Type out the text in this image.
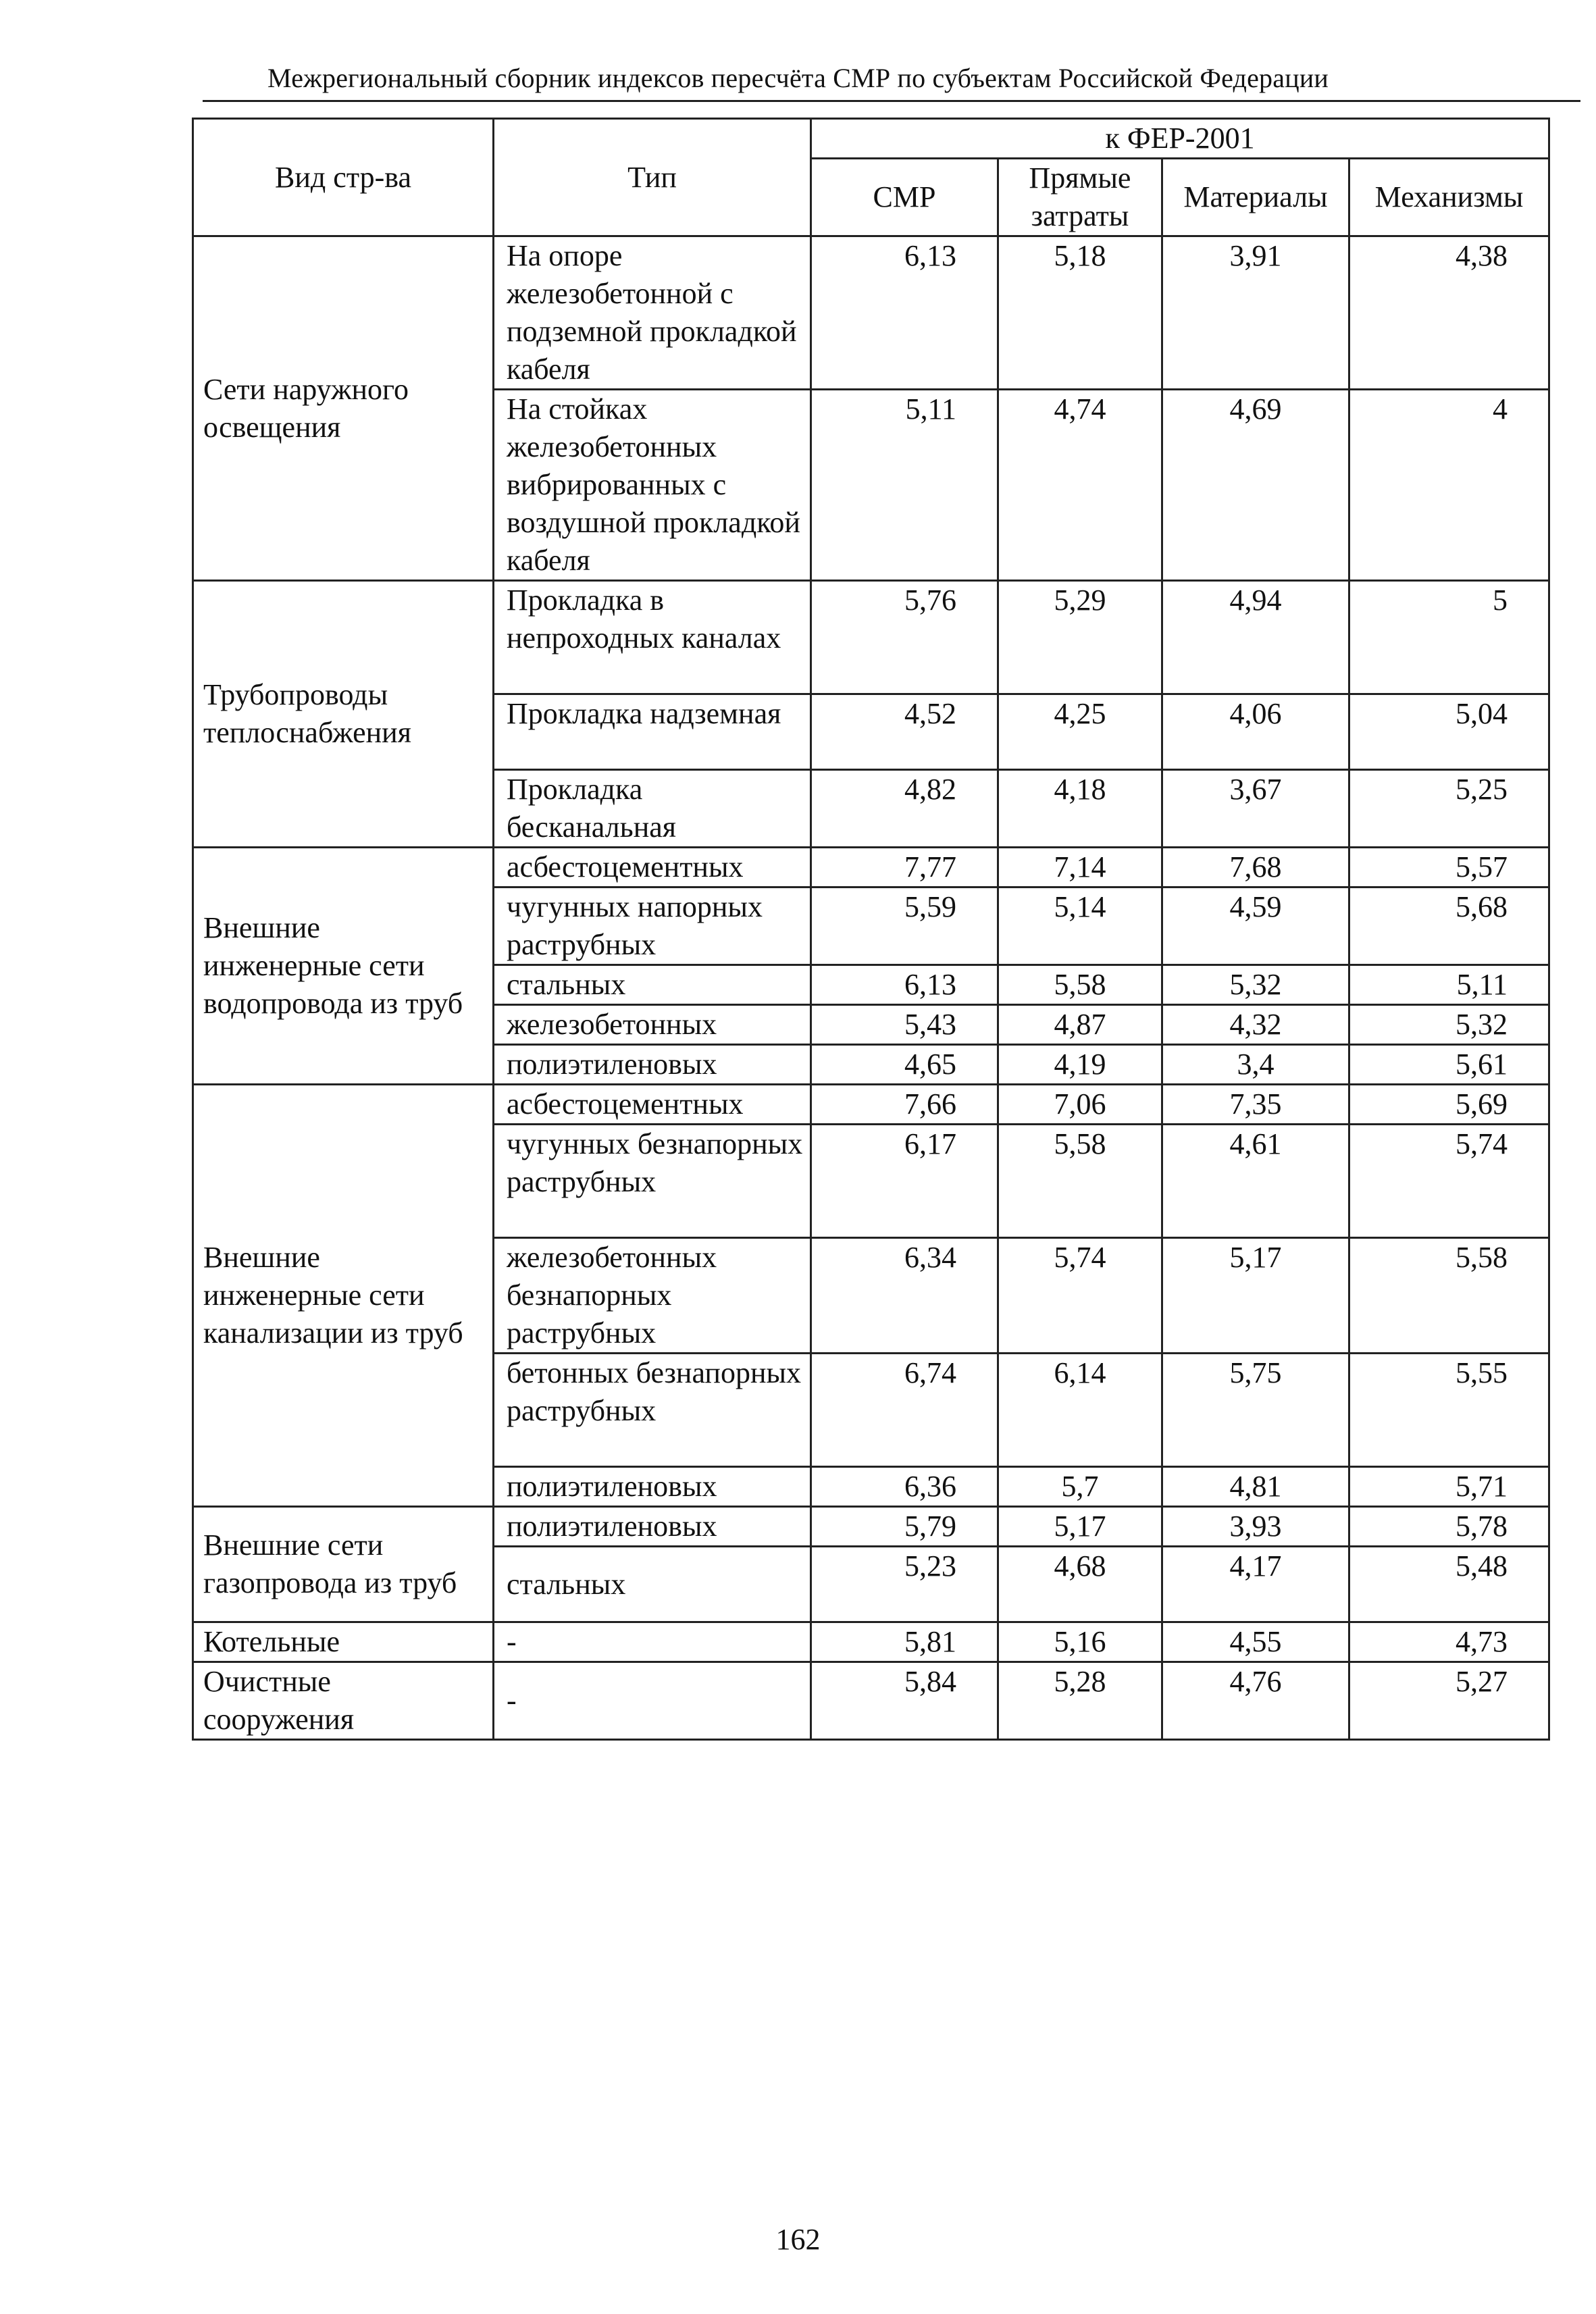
Межрегиональный сборник индексов пересчёта СМР по субъектам Российской Федерации
Вид стр-ва	Тип	к ФЕР-2001			
		СМР	Прямые затраты	Материалы	Механизмы
Сети наружного освещения	На опоре железобетонной с подземной прокладкой кабеля	6,13	5,18	3,91	4,38
	На стойках железобетонных вибрированных с воздушной прокладкой кабеля	5,11	4,74	4,69	4
Трубопроводы теплоснабжения	Прокладка в непроходных каналах	5,76	5,29	4,94	5
	Прокладка надземная	4,52	4,25	4,06	5,04
	Прокладка бесканальная	4,82	4,18	3,67	5,25
Внешние инженерные сети водопровода из труб	асбестоцементных	7,77	7,14	7,68	5,57
	чугунных напорных раструбных	5,59	5,14	4,59	5,68
	стальных	6,13	5,58	5,32	5,11
	железобетонных	5,43	4,87	4,32	5,32
	полиэтиленовых	4,65	4,19	3,4	5,61
Внешние инженерные сети канализации из труб	асбестоцементных	7,66	7,06	7,35	5,69
	чугунных безнапорных раструбных	6,17	5,58	4,61	5,74
	железобетонных безнапорных раструбных	6,34	5,74	5,17	5,58
	бетонных безнапорных раструбных	6,74	6,14	5,75	5,55
	полиэтиленовых	6,36	5,7	4,81	5,71
Внешние сети газопровода из труб	полиэтиленовых	5,79	5,17	3,93	5,78
	стальных	5,23	4,68	4,17	5,48
Котельные	-	5,81	5,16	4,55	4,73
Очистные сооружения	-	5,84	5,28	4,76	5,27
162
